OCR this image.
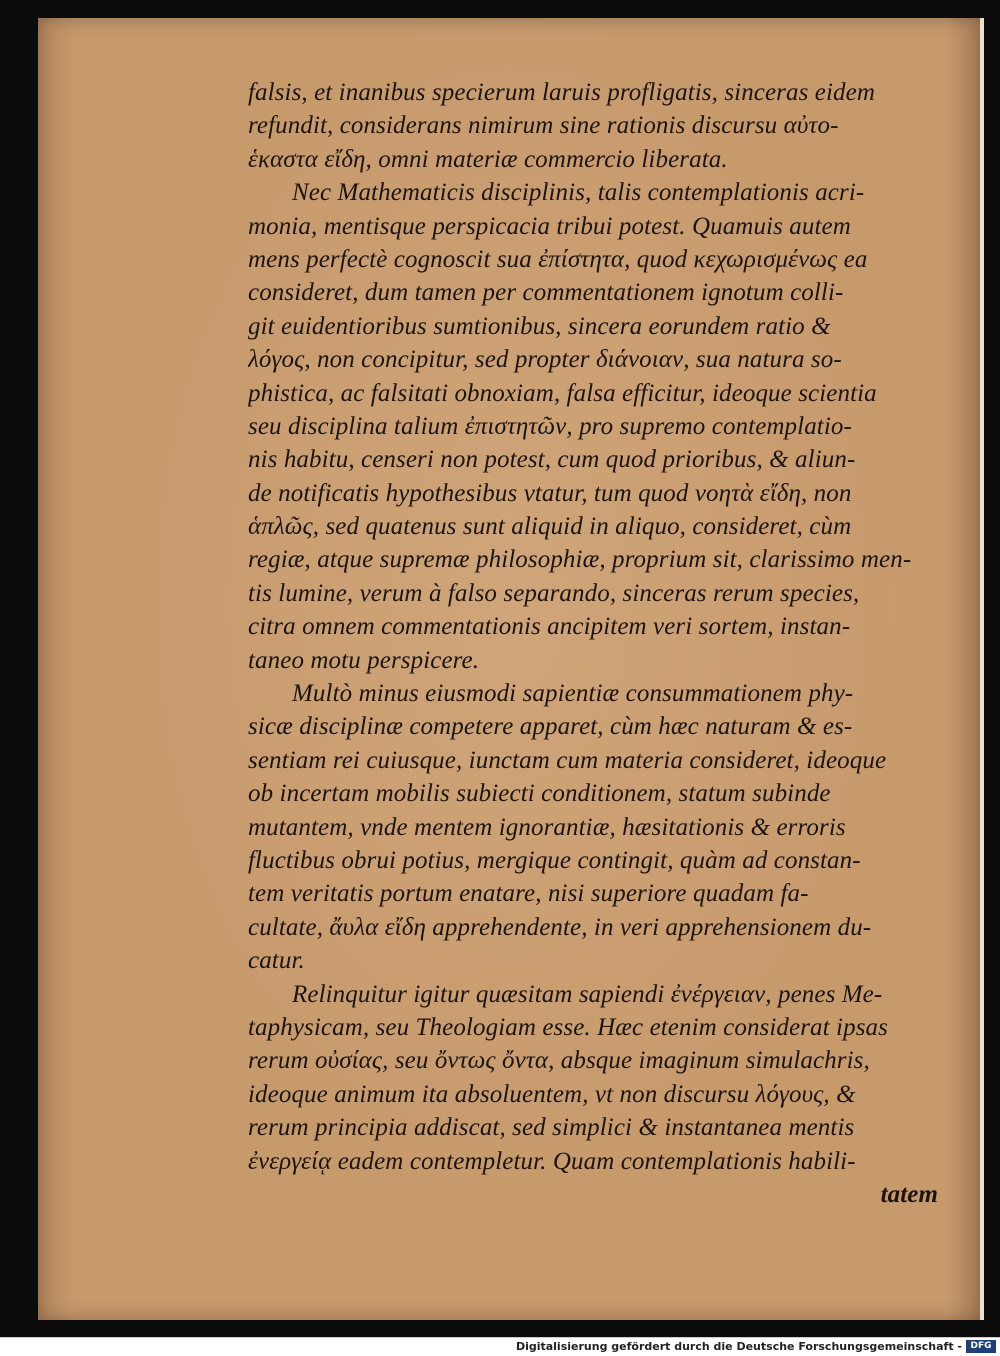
falsis, et inanibus specierum laruis profligatis, sinceras eidem
refundit, considerans nimirum sine rationis discursu αὐτο-
ἑκαστα εἴδη, omni materiæ commercio liberata.
Nec Mathematicis disciplinis, talis contemplationis acri-
monia, mentisque perspicacia tribui potest. Quamuis autem
mens perfectè cognoscit sua ἐπίστητα, quod κεχωρισμένως ea
consideret, dum tamen per commentationem ignotum colli-
git euidentioribus sumtionibus, sincera eorundem ratio &
λόγος, non concipitur, sed propter διάνοιαν, sua natura so-
phistica, ac falsitati obnoxiam, falsa efficitur, ideoque scientia
seu disciplina talium ἐπιστητῶν, pro supremo contemplatio-
nis habitu, censeri non potest, cum quod prioribus, & aliun-
de notificatis hypothesibus vtatur, tum quod νοητὰ εἴδη, non
ἁπλῶς, sed quatenus sunt aliquid in aliquo, consideret, cùm
regiæ, atque supremæ philosophiæ, proprium sit, clarissimo men-
tis lumine, verum à falso separando, sinceras rerum species,
citra omnem commentationis ancipitem veri sortem, instan-
taneo motu perspicere.
Multò minus eiusmodi sapientiæ consummationem phy-
sicæ disciplinæ competere apparet, cùm hæc naturam & es-
sentiam rei cuiusque, iunctam cum materia consideret, ideoque
ob incertam mobilis subiecti conditionem, statum subinde
mutantem, vnde mentem ignorantiæ, hæsitationis & erroris
fluctibus obrui potius, mergique contingit, quàm ad constan-
tem veritatis portum enatare, nisi superiore quadam fa-
cultate, ἄυλα εἴδη apprehendente, in veri apprehensionem du-
catur.
Relinquitur igitur quæsitam sapiendi ἐνέργειαν, penes Me-
taphysicam, seu Theologiam esse. Hæc etenim considerat ipsas
rerum οὐσίας, seu ὄντως ὄντα, absque imaginum simulachris,
ideoque animum ita absoluentem, vt non discursu λόγους, &
rerum principia addiscat, sed simplici & instantanea mentis
ἐνεργείᾳ eadem contempletur. Quam contemplationis habili-
tatem
Digitalisierung gefördert durch die Deutsche Forschungsgemeinschaft - DFG
